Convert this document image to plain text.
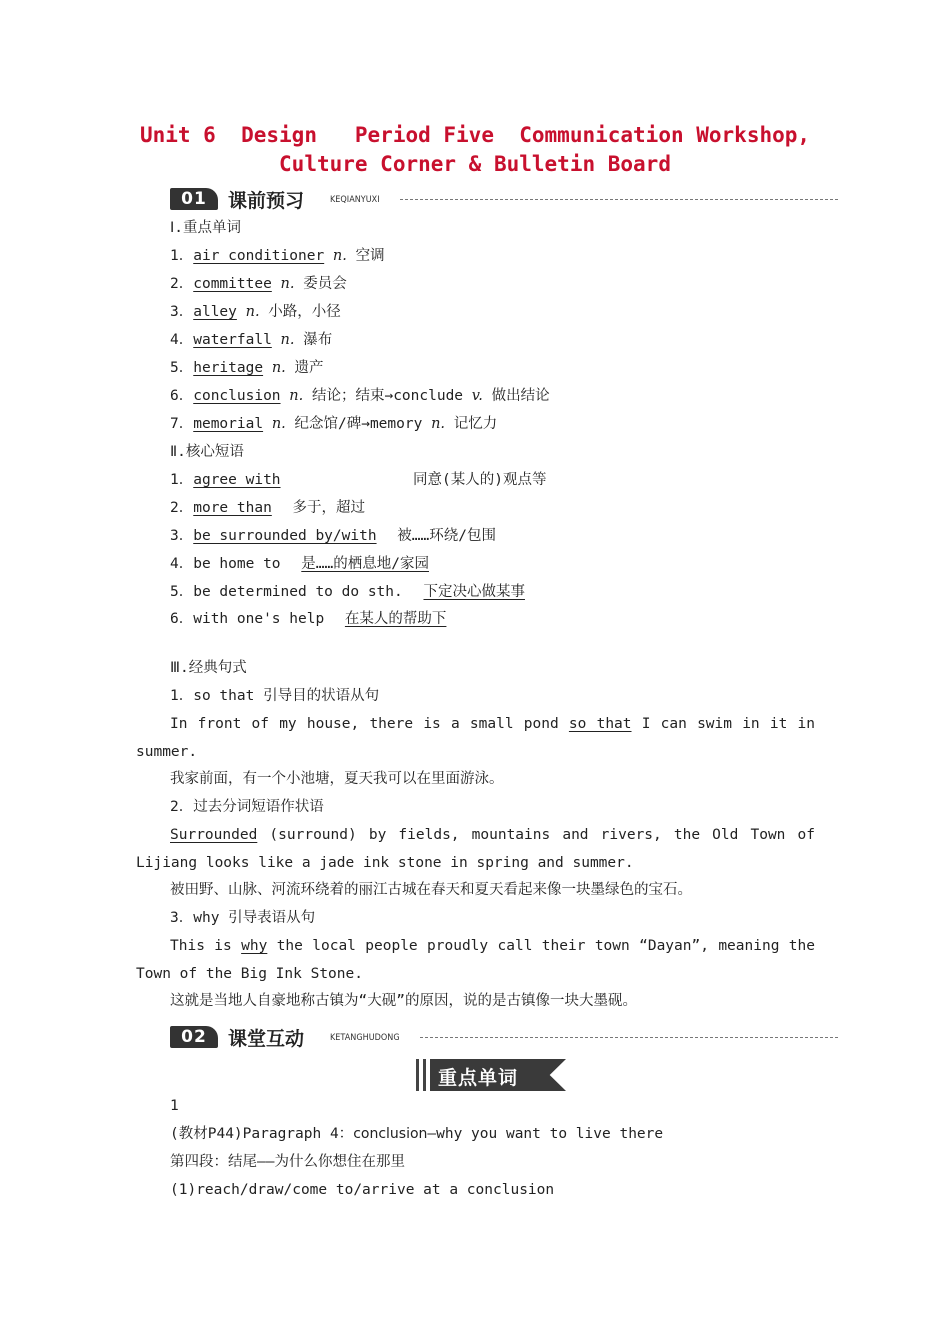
Unit 6  Design   Period Five  Communication Workshop,
Culture Corner & Bulletin Board
01	课前预习	KEQIANYUXI
Ⅰ.重点单词
1．air conditioner n. 空调
2．committee n. 委员会
3．alley n. 小路，小径
4．waterfall n. 瀑布
5．heritage n. 遗产
6．conclusion n. 结论；结束→conclude v. 做出结论
7．memorial n. 纪念馆/碑→memory n. 记忆力
Ⅱ.核心短语
1．agree with	同意(某人的)观点等
2．more than 多于，超过
3．be surrounded by/with 被……环绕/包围
4．be home to 是……的栖息地/家园
5．be determined to do sth. 下定决心做某事
6．with one's help 在某人的帮助下
Ⅲ.经典句式
1．so that 引导目的状语从句
In front of my house, there is a small pond so that I can swim in it in
summer.
我家前面，有一个小池塘，夏天我可以在里面游泳。
2．过去分词短语作状语
Surrounded (surround) by fields, mountains and rivers, the Old Town of
Lijiang looks like a jade ink stone in spring and summer.
被田野、山脉、河流环绕着的丽江古城在春天和夏天看起来像一块墨绿色的宝石。
3．why 引导表语从句
This is why the local people proudly call their town “Dayan”, meaning the
Town of the Big Ink Stone.
这就是当地人自豪地称古镇为“大砚”的原因，说的是古镇像一块大墨砚。
02	课堂互动	KETANGHUDONG
重点单词
1
(教材P44)Paragraph 4：conclusion—why you want to live there
第四段：结尾——为什么你想住在那里
(1)reach/draw/come to/arrive at a conclusion
